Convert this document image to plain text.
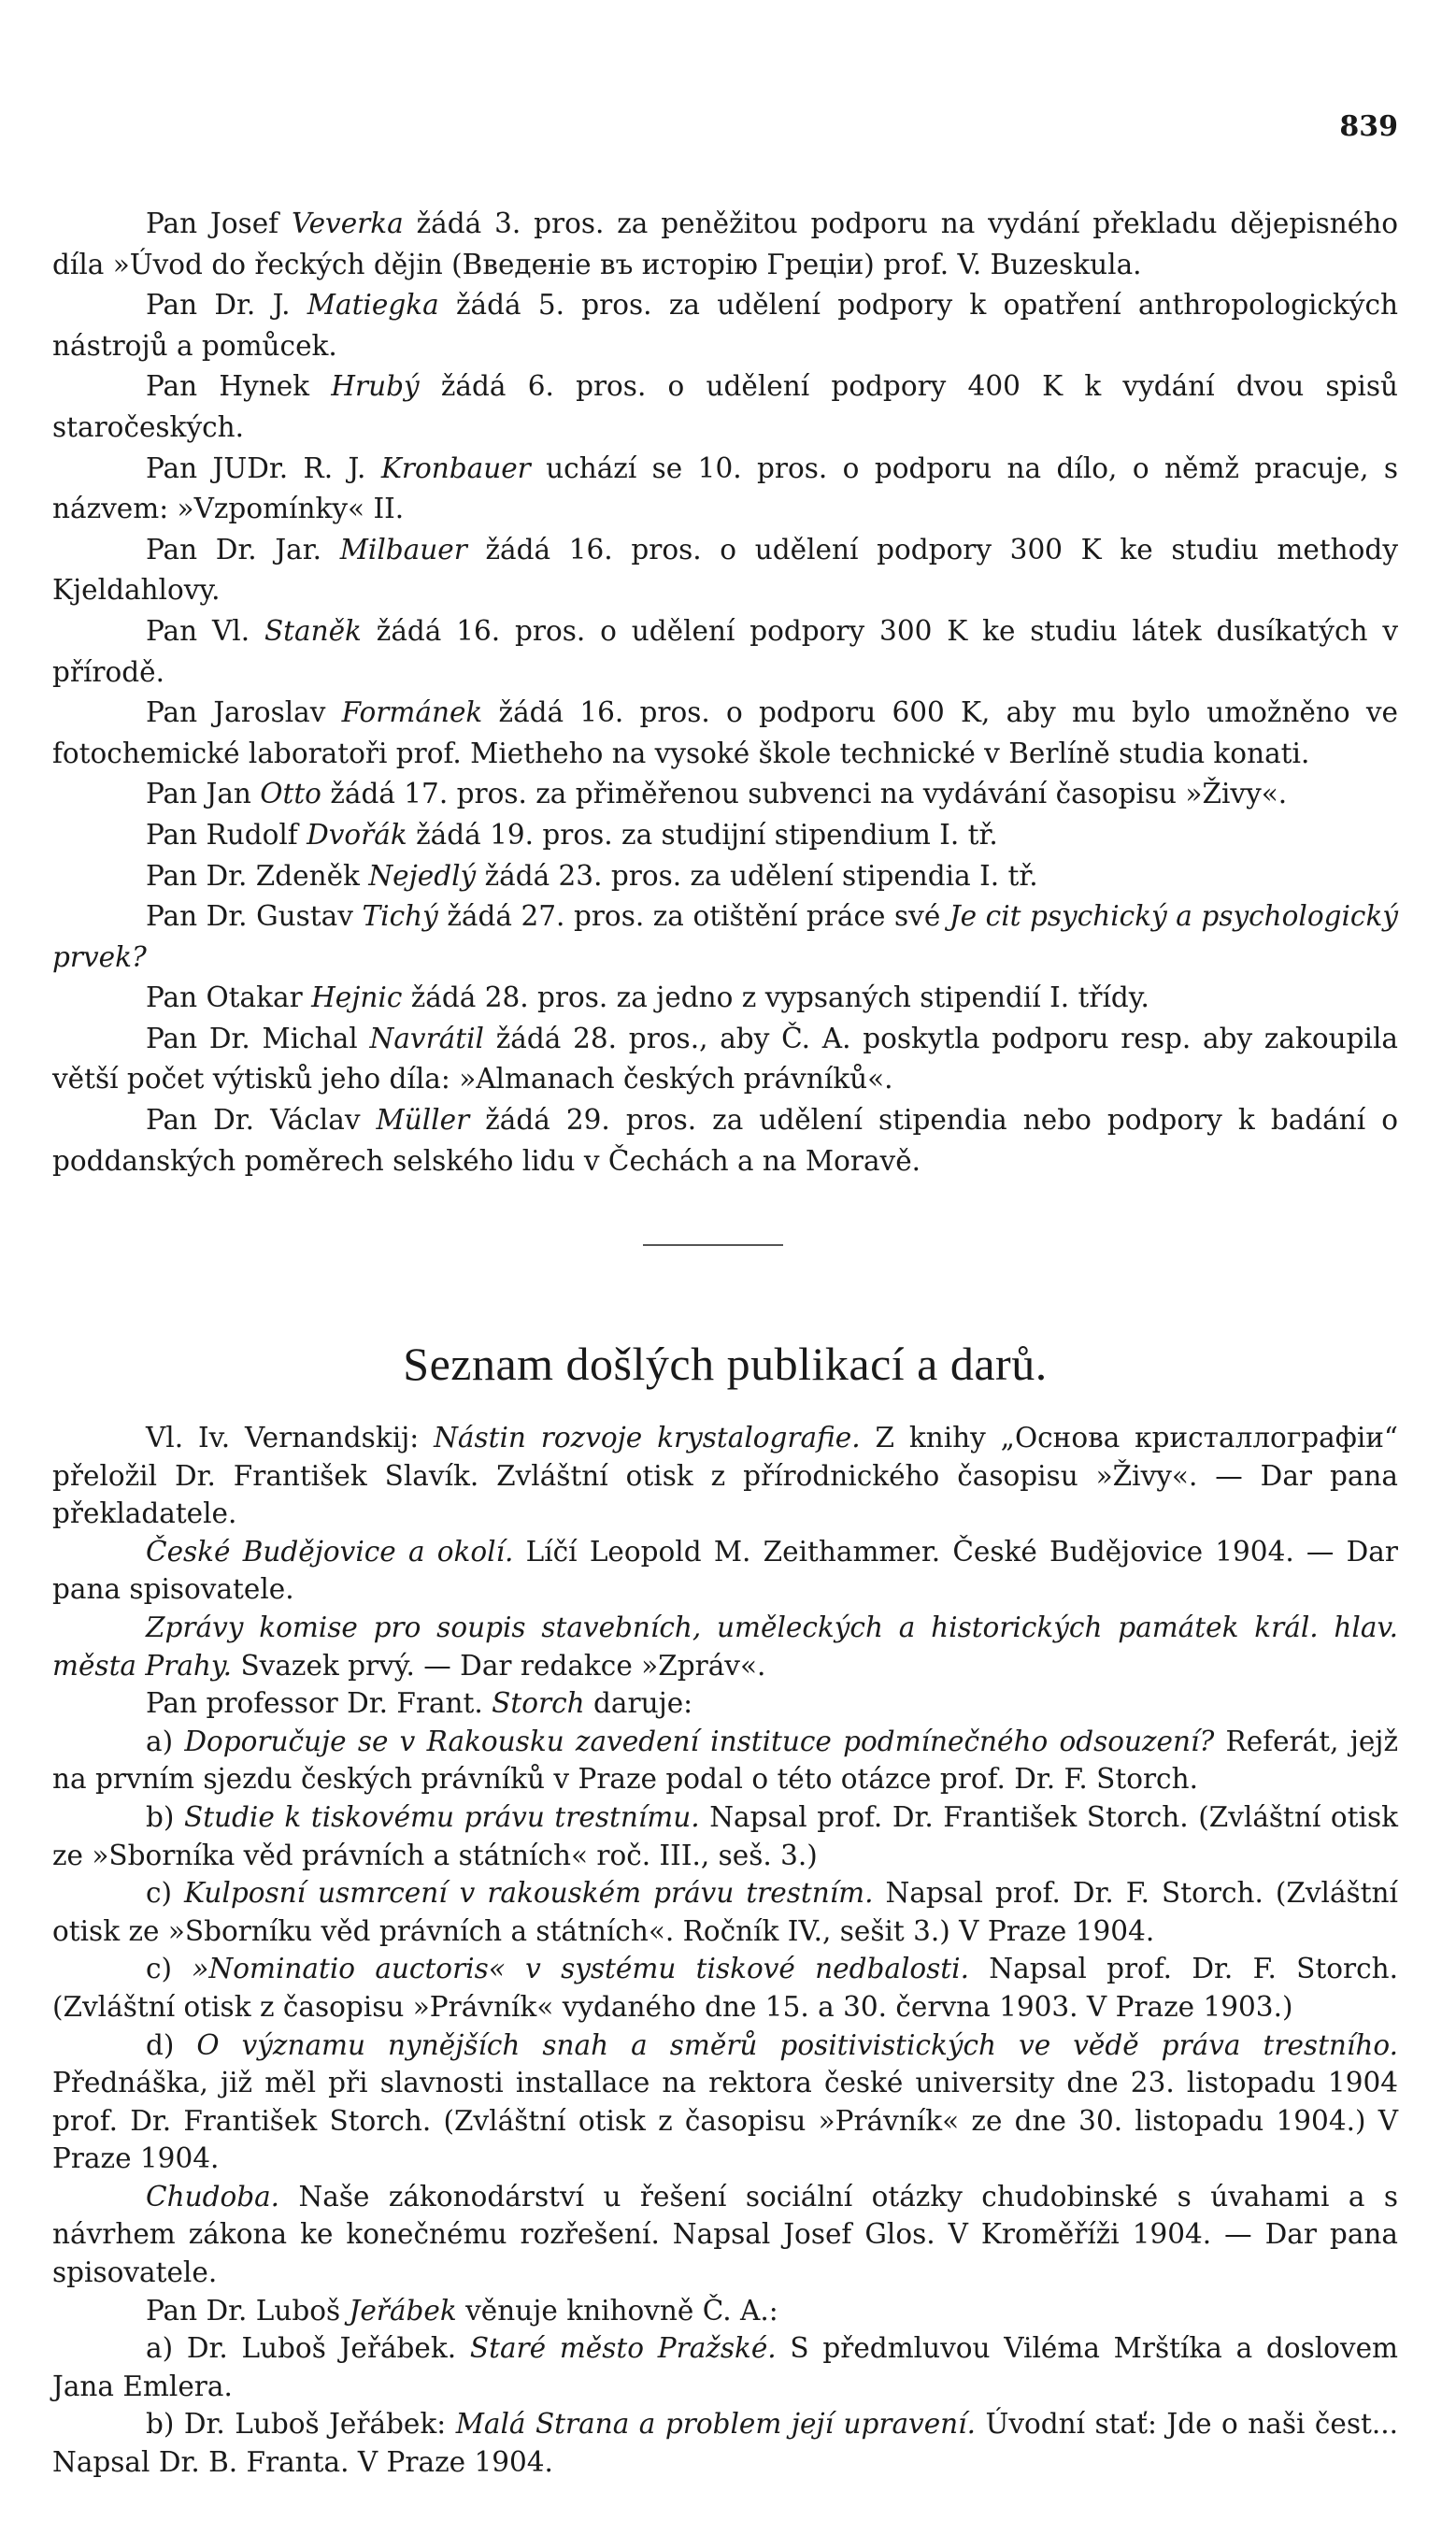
839

Pan Josef Veverka žádá 3. pros. za peněžitou podporu na vydání překladu dějepisného díla »Úvod do řeckých dějin (Введеніе въ исторію Греціи) prof. V. Buzeskula.

Pan Dr. J. Matiegka žádá 5. pros. za udělení podpory k opatření anthropologických nástrojů a pomůcek.

Pan Hynek Hrubý žádá 6. pros. o udělení podpory 400 K k vydání dvou spisů staročeských.

Pan JUDr. R. J. Kronbauer uchází se 10. pros. o podporu na dílo, o němž pracuje, s názvem: »Vzpomínky« II.

Pan Dr. Jar. Milbauer žádá 16. pros. o udělení podpory 300 K ke studiu methody Kjeldahlovy.

Pan Vl. Staněk žádá 16. pros. o udělení podpory 300 K ke studiu látek dusíkatých v přírodě.

Pan Jaroslav Formánek žádá 16. pros. o podporu 600 K, aby mu bylo umožněno ve fotochemické laboratoři prof. Mietheho na vysoké škole technické v Berlíně studia konati.

Pan Jan Otto žádá 17. pros. za přiměřenou subvenci na vydávání časopisu »Živy«.

Pan Rudolf Dvořák žádá 19. pros. za studijní stipendium I. tř.

Pan Dr. Zdeněk Nejedlý žádá 23. pros. za udělení stipendia I. tř.

Pan Dr. Gustav Tichý žádá 27. pros. za otištění práce své Je cit psychický a psychologický prvek?

Pan Otakar Hejnic žádá 28. pros. za jedno z vypsaných stipendií I. třídy.

Pan Dr. Michal Navrátil žádá 28. pros., aby Č. A. poskytla podporu resp. aby zakoupila větší počet výtisků jeho díla: »Almanach českých právníků«.

Pan Dr. Václav Müller žádá 29. pros. za udělení stipendia nebo podpory k badání o poddanských poměrech selského lidu v Čechách a na Moravě.

Seznam došlých publikací a darů.

Vl. Iv. Vernandskij: Nástin rozvoje krystalografie. Z knihy „Основа кристаллографіи“ přeložil Dr. František Slavík. Zvláštní otisk z přírodnického časopisu »Živy«. — Dar pana překladatele.

České Budějovice a okolí. Líčí Leopold M. Zeithammer. České Budějovice 1904. — Dar pana spisovatele.

Zprávy komise pro soupis stavebních, uměleckých a historických památek král. hlav. města Prahy. Svazek prvý. — Dar redakce »Zpráv«.

Pan professor Dr. Frant. Storch daruje:

a) Doporučuje se v Rakousku zavedení instituce podmínečného odsouzení? Referát, jejž na prvním sjezdu českých právníků v Praze podal o této otázce prof. Dr. F. Storch.

b) Studie k tiskovému právu trestnímu. Napsal prof. Dr. František Storch. (Zvláštní otisk ze »Sborníka věd právních a státních« roč. III., seš. 3.)

c) Kulposní usmrcení v rakouském právu trestním. Napsal prof. Dr. F. Storch. (Zvláštní otisk ze »Sborníku věd právních a státních«. Ročník IV., sešit 3.) V Praze 1904.

c) »Nominatio auctoris« v systému tiskové nedbalosti. Napsal prof. Dr. F. Storch. (Zvláštní otisk z časopisu »Právník« vydaného dne 15. a 30. června 1903. V Praze 1903.)

d) O významu nynějších snah a směrů positivistických ve vědě práva trestního. Přednáška, již měl při slavnosti installace na rektora české university dne 23. listopadu 1904 prof. Dr. František Storch. (Zvláštní otisk z časopisu »Právník« ze dne 30. listopadu 1904.) V Praze 1904.

Chudoba. Naše zákonodárství u řešení sociální otázky chudobinské s úvahami a s návrhem zákona ke konečnému rozřešení. Napsal Josef Glos. V Kroměříži 1904. — Dar pana spisovatele.

Pan Dr. Luboš Jeřábek věnuje knihovně Č. A.:

a) Dr. Luboš Jeřábek. Staré město Pražské. S předmluvou Viléma Mrštíka a doslovem Jana Emlera.

b) Dr. Luboš Jeřábek: Malá Strana a problem její upravení. Úvodní stať: Jde o naši čest... Napsal Dr. B. Franta. V Praze 1904.
